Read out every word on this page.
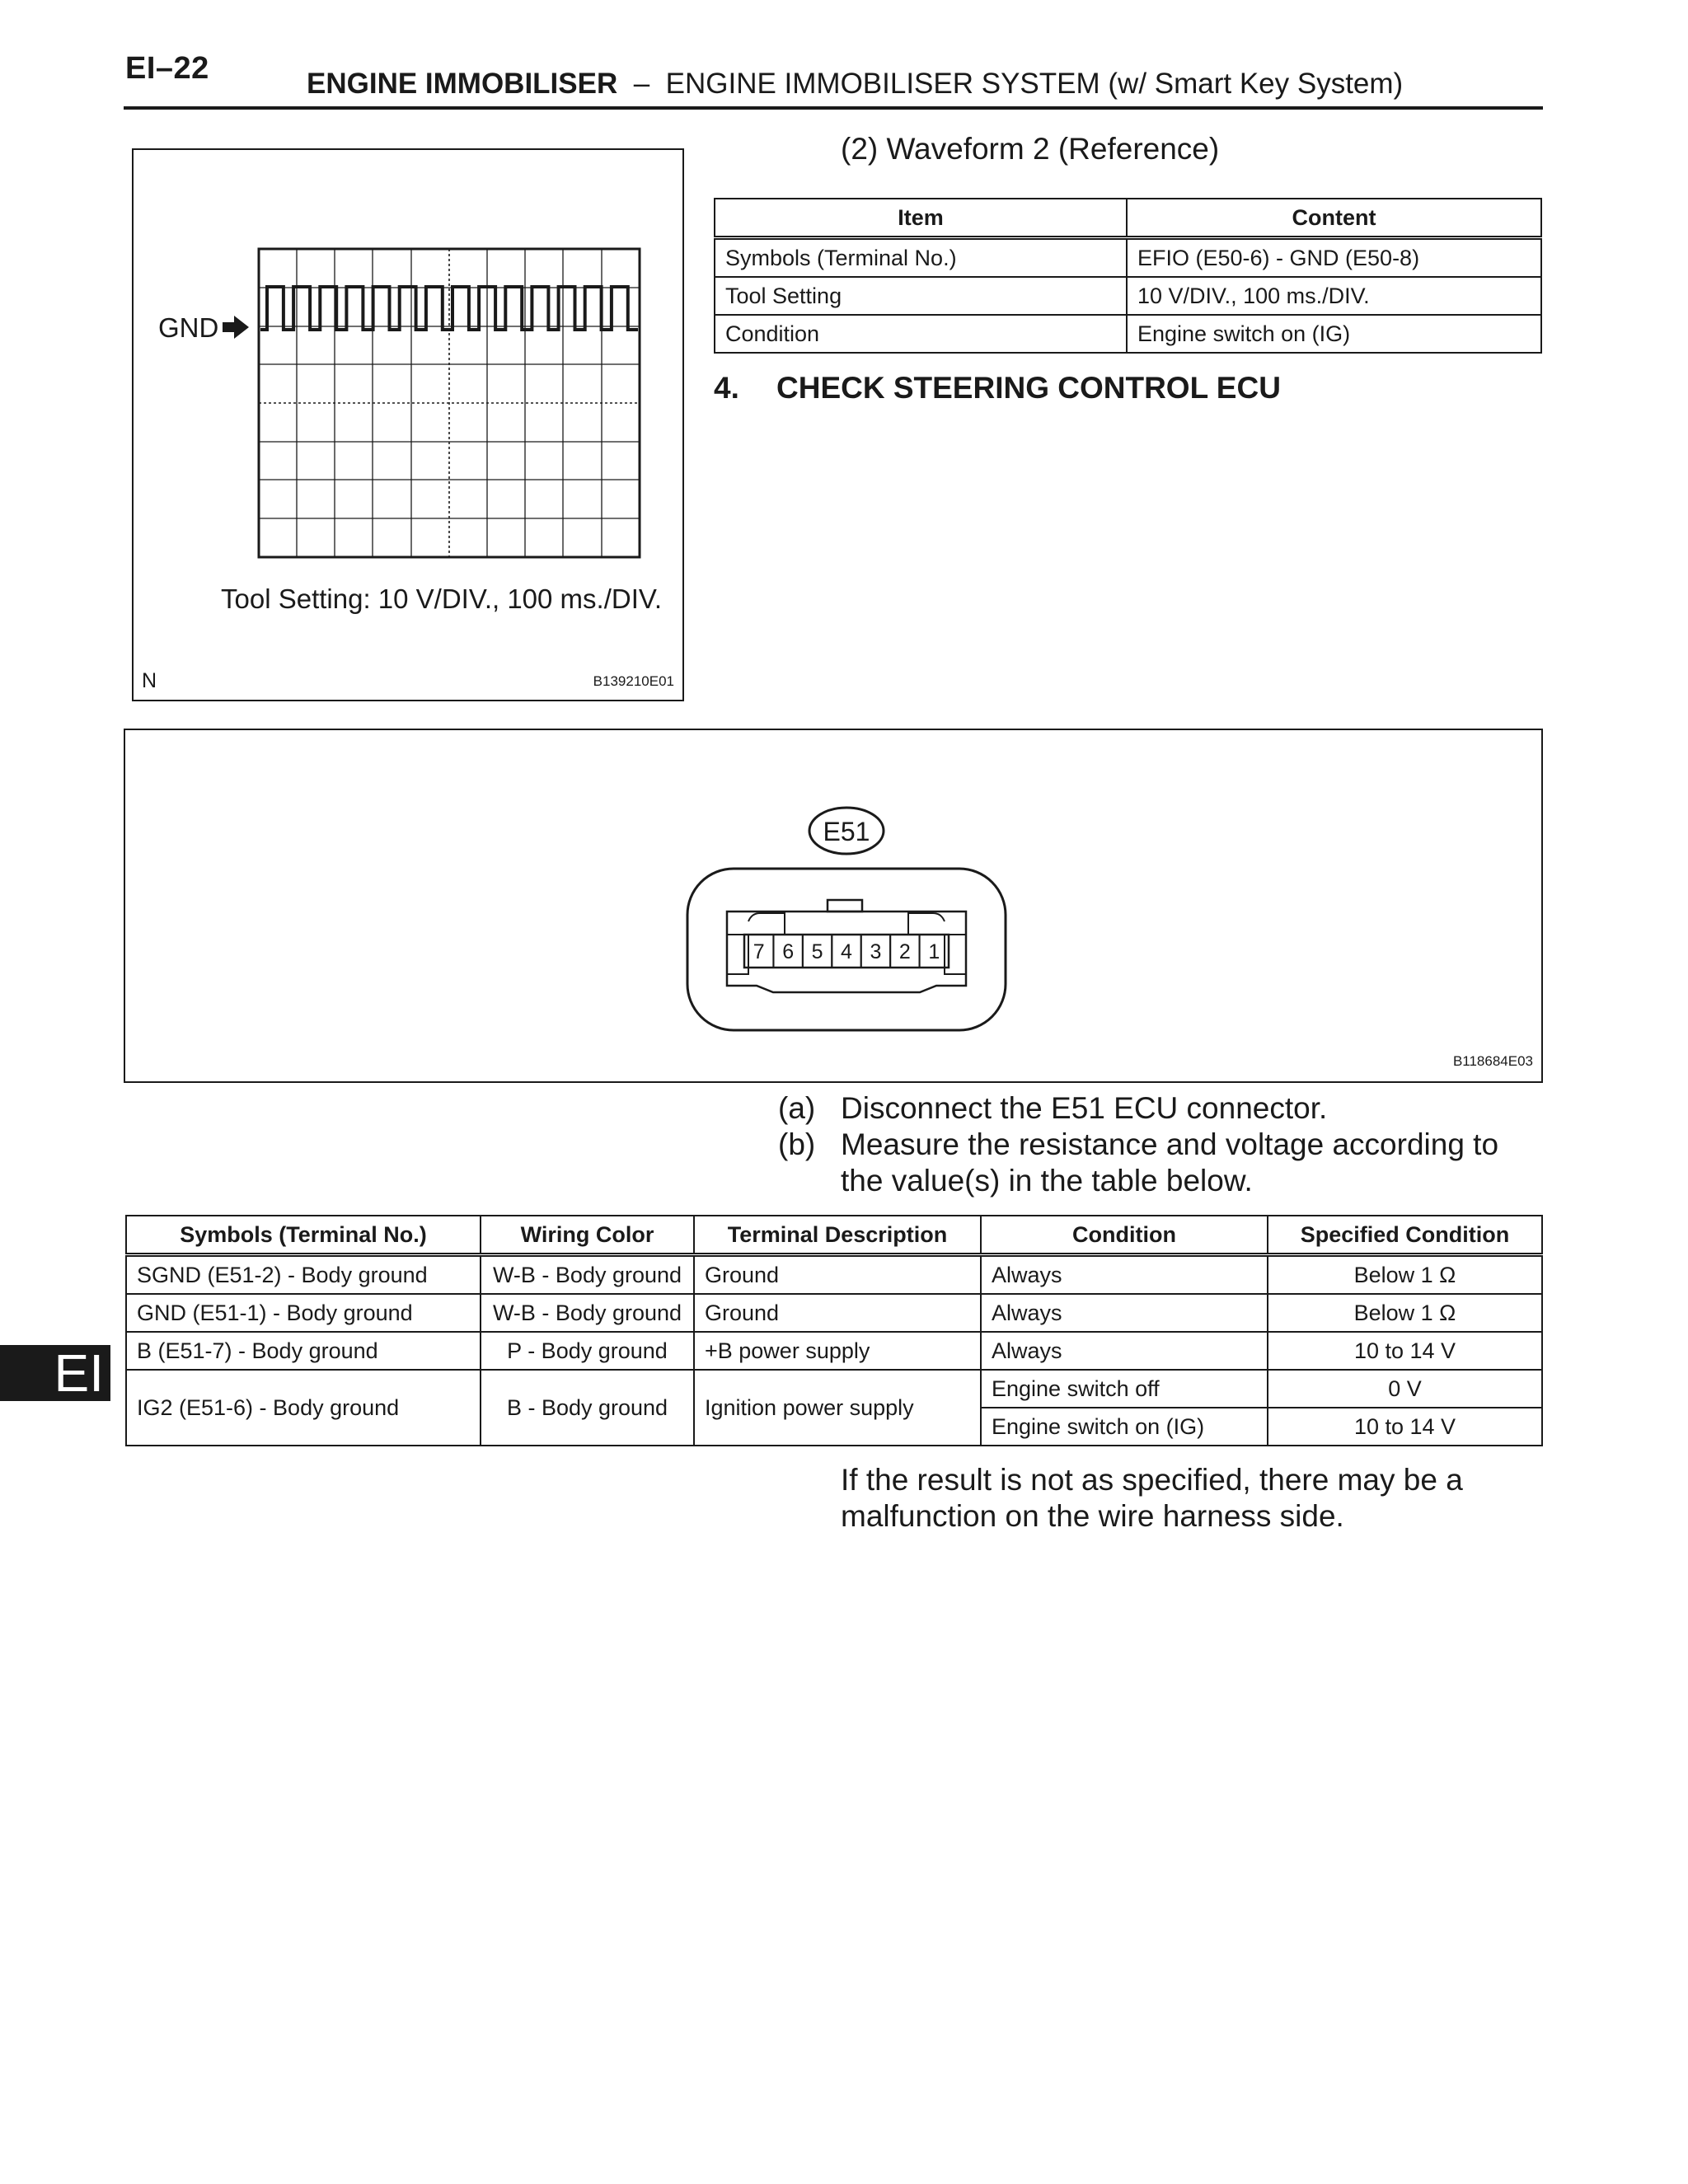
EI–22	ENGINE IMMOBILISER – ENGINE IMMOBILISER SYSTEM (w/ Smart Key System)
GND
Tool Setting: 10 V/DIV., 100 ms./DIV.
N	B139210E01
(2) Waveform 2 (Reference)
Item	Content
Symbols (Terminal No.)	EFIO (E50-6) - GND (E50-8)
Tool Setting	10 V/DIV., 100 ms./DIV.
Condition	Engine switch on (IG)
4. CHECK STEERING CONTROL ECU
E51
7 6 5 4 3 2 1
B118684E03
(a) Disconnect the E51 ECU connector.
(b) Measure the resistance and voltage according to
the value(s) in the table below.
Symbols (Terminal No.)	Wiring Color	Terminal Description	Condition	Specified Condition
SGND (E51-2) - Body ground	W-B - Body ground	Ground	Always	Below 1 Ω
GND (E51-1) - Body ground	W-B - Body ground	Ground	Always	Below 1 Ω
B (E51-7) - Body ground	P - Body ground	+B power supply	Always	10 to 14 V
IG2 (E51-6) - Body ground	B - Body ground	Ignition power supply	Engine switch off	0 V
			Engine switch on (IG)	10 to 14 V
If the result is not as specified, there may be a
malfunction on the wire harness side.
EI
